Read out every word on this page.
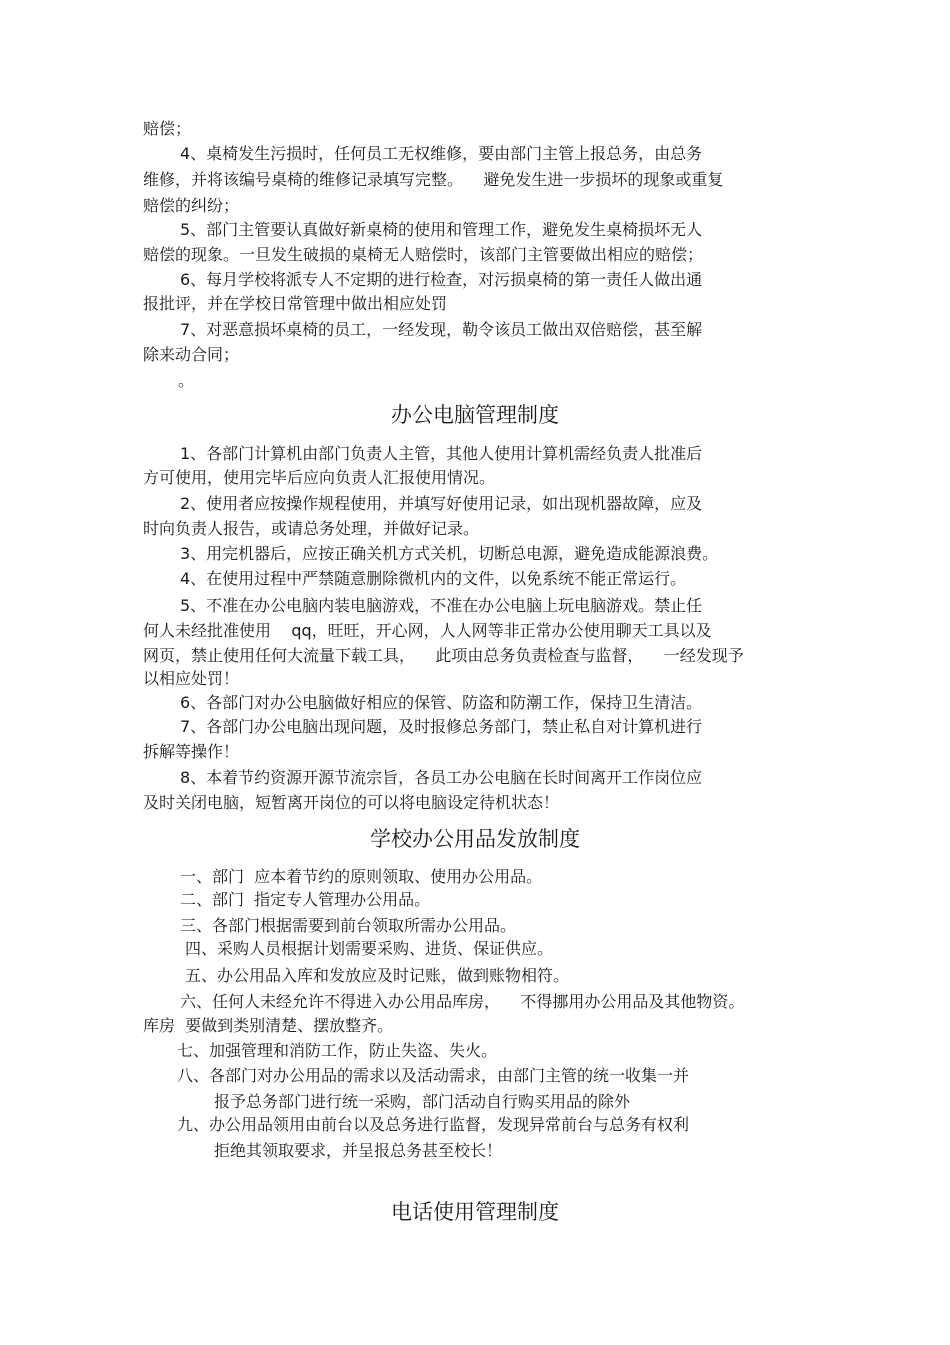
赔偿；
4、桌椅发生污损时，任何员工无权维修，要由部门主管上报总务，由总务
维修，并将该编号桌椅的维修记录填写完整。    避免发生进一步损坏的现象或重复
赔偿的纠纷；
5、部门主管要认真做好新桌椅的使用和管理工作，避免发生桌椅损坏无人
赔偿的现象。一旦发生破损的桌椅无人赔偿时，该部门主管要做出相应的赔偿；
6、每月学校将派专人不定期的进行检查，对污损桌椅的第一责任人做出通
报批评，并在学校日常管理中做出相应处罚
7、对恶意损坏桌椅的员工，一经发现，勒令该员工做出双倍赔偿，甚至解
除来动合同；
。
办公电脑管理制度
1、各部门计算机由部门负责人主管，其他人使用计算机需经负责人批准后
方可使用，使用完毕后应向负责人汇报使用情况。
2、使用者应按操作规程使用，并填写好使用记录，如出现机器故障，应及
时向负责人报告，或请总务处理，并做好记录。
3、用完机器后，应按正确关机方式关机，切断总电源，避免造成能源浪费。
4、在使用过程中严禁随意删除微机内的文件，以免系统不能正常运行。
5、不准在办公电脑内装电脑游戏，不准在办公电脑上玩电脑游戏。禁止任
何人未经批准使用    qq，旺旺，开心网，人人网等非正常办公使用聊天工具以及
网页，禁止使用任何大流量下载工具，    此项由总务负责检查与监督，    一经发现予
以相应处罚！
6、各部门对办公电脑做好相应的保管、防盗和防潮工作，保持卫生清洁。
7、各部门办公电脑出现问题，及时报修总务部门，禁止私自对计算机进行
拆解等操作！
8、本着节约资源开源节流宗旨，各员工办公电脑在长时间离开工作岗位应
及时关闭电脑，短暂离开岗位的可以将电脑设定待机状态！
学校办公用品发放制度
一、部门  应本着节约的原则领取、使用办公用品。
二、部门  指定专人管理办公用品。
三、各部门根据需要到前台领取所需办公用品。
四、采购人员根据计划需要采购、进货、保证供应。
五、办公用品入库和发放应及时记账，做到账物相符。
六、任何人未经允许不得进入办公用品库房，    不得挪用办公用品及其他物资。
库房  要做到类别清楚、摆放整齐。
七、加强管理和消防工作，防止失盗、失火。
八、各部门对办公用品的需求以及活动需求，由部门主管的统一收集一并
报予总务部门进行统一采购，部门活动自行购买用品的除外
九、办公用品领用由前台以及总务进行监督，发现异常前台与总务有权利
拒绝其领取要求，并呈报总务甚至校长！
电话使用管理制度
